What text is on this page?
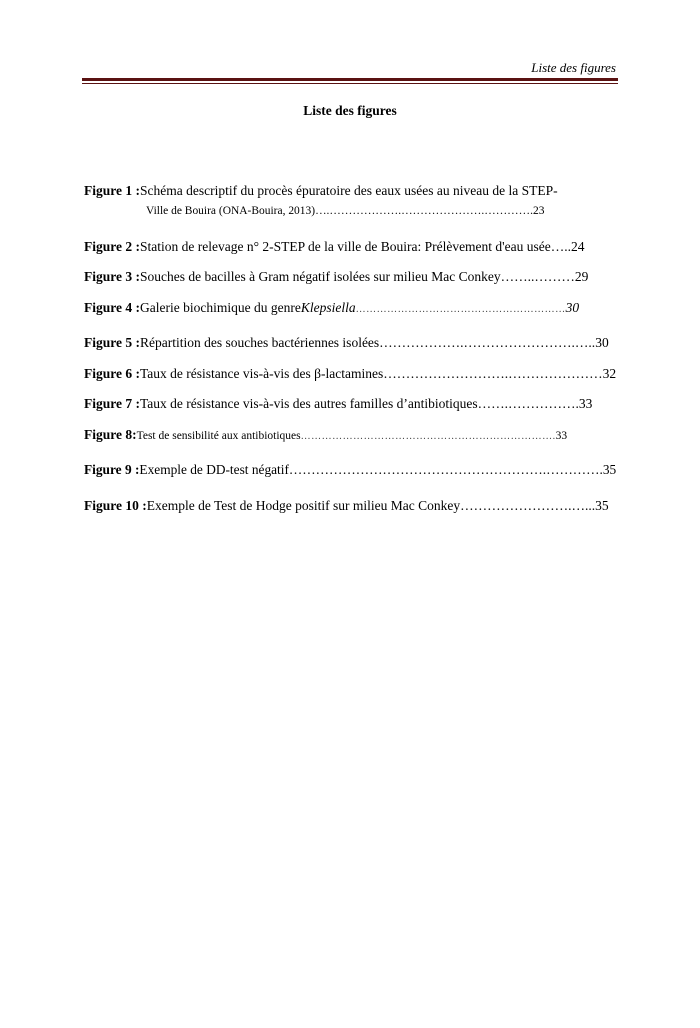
Liste des figures
Liste des figures
Figure 1 : Schéma descriptif du procès épuratoire des eaux usées au niveau de la STEP-
Ville de Bouira (ONA-Bouira, 2013)….……………….………………….…………. 23
Figure 2 : Station de relevage n° 2-STEP de la ville de Bouira: Prélèvement d'eau usée….. 24
Figure 3 : Souches de bacilles à Gram négatif isolées sur milieu Mac Conkey……..……… 29
Figure 4 : Galerie biochimique du genre Klepsiella …………………………………………………… 30
Figure 5 : Répartition des souches bactériennes isolées……………….…………………….….. 30
Figure 6 : Taux de résistance vis-à-vis des β-lactamines……………………….………………… 32
Figure 7 : Taux de résistance vis-à-vis des autres familles d’antibiotiques…….……………. 33
Figure 8: Test de sensibilité aux antibiotiques ………………………………………………………………. 33
Figure 9 : Exemple de DD-test négatif………………………………………………….…………. 35
Figure 10 : Exemple de Test de Hodge positif sur milieu Mac Conkey…………………….…... 35
